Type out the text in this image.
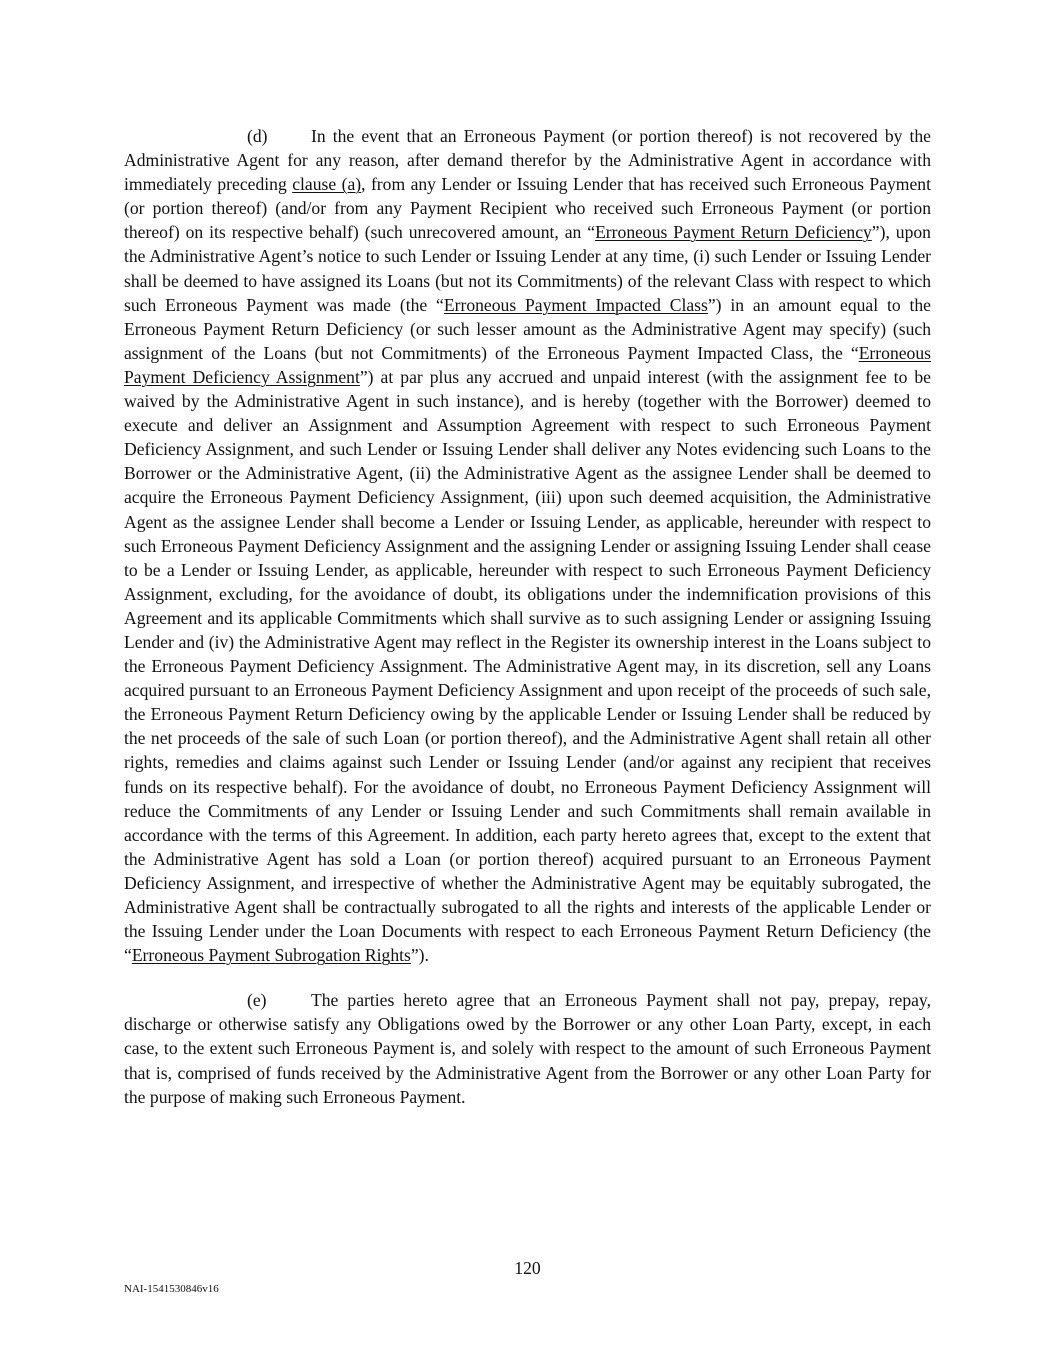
(d) In the event that an Erroneous Payment (or portion thereof) is not recovered by the Administrative Agent for any reason, after demand therefor by the Administrative Agent in accordance with immediately preceding clause (a), from any Lender or Issuing Lender that has received such Erroneous Payment (or portion thereof) (and/or from any Payment Recipient who received such Erroneous Payment (or portion thereof) on its respective behalf) (such unrecovered amount, an “Erroneous Payment Return Deficiency”), upon the Administrative Agent’s notice to such Lender or Issuing Lender at any time, (i) such Lender or Issuing Lender shall be deemed to have assigned its Loans (but not its Commitments) of the relevant Class with respect to which such Erroneous Payment was made (the “Erroneous Payment Impacted Class”) in an amount equal to the Erroneous Payment Return Deficiency (or such lesser amount as the Administrative Agent may specify) (such assignment of the Loans (but not Commitments) of the Erroneous Payment Impacted Class, the “Erroneous Payment Deficiency Assignment”) at par plus any accrued and unpaid interest (with the assignment fee to be waived by the Administrative Agent in such instance), and is hereby (together with the Borrower) deemed to execute and deliver an Assignment and Assumption Agreement with respect to such Erroneous Payment Deficiency Assignment, and such Lender or Issuing Lender shall deliver any Notes evidencing such Loans to the Borrower or the Administrative Agent, (ii) the Administrative Agent as the assignee Lender shall be deemed to acquire the Erroneous Payment Deficiency Assignment, (iii) upon such deemed acquisition, the Administrative Agent as the assignee Lender shall become a Lender or Issuing Lender, as applicable, hereunder with respect to such Erroneous Payment Deficiency Assignment and the assigning Lender or assigning Issuing Lender shall cease to be a Lender or Issuing Lender, as applicable, hereunder with respect to such Erroneous Payment Deficiency Assignment, excluding, for the avoidance of doubt, its obligations under the indemnification provisions of this Agreement and its applicable Commitments which shall survive as to such assigning Lender or assigning Issuing Lender and (iv) the Administrative Agent may reflect in the Register its ownership interest in the Loans subject to the Erroneous Payment Deficiency Assignment. The Administrative Agent may, in its discretion, sell any Loans acquired pursuant to an Erroneous Payment Deficiency Assignment and upon receipt of the proceeds of such sale, the Erroneous Payment Return Deficiency owing by the applicable Lender or Issuing Lender shall be reduced by the net proceeds of the sale of such Loan (or portion thereof), and the Administrative Agent shall retain all other rights, remedies and claims against such Lender or Issuing Lender (and/or against any recipient that receives funds on its respective behalf). For the avoidance of doubt, no Erroneous Payment Deficiency Assignment will reduce the Commitments of any Lender or Issuing Lender and such Commitments shall remain available in accordance with the terms of this Agreement. In addition, each party hereto agrees that, except to the extent that the Administrative Agent has sold a Loan (or portion thereof) acquired pursuant to an Erroneous Payment Deficiency Assignment, and irrespective of whether the Administrative Agent may be equitably subrogated, the Administrative Agent shall be contractually subrogated to all the rights and interests of the applicable Lender or the Issuing Lender under the Loan Documents with respect to each Erroneous Payment Return Deficiency (the “Erroneous Payment Subrogation Rights”).

(e)	The parties hereto agree that an Erroneous Payment shall not pay, prepay, repay, discharge or otherwise satisfy any Obligations owed by the Borrower or any other Loan Party, except, in each case, to the extent such Erroneous Payment is, and solely with respect to the amount of such Erroneous Payment that is, comprised of funds received by the Administrative Agent from the Borrower or any other Loan Party for the purpose of making such Erroneous Payment.

120
NAI-1541530846v16
